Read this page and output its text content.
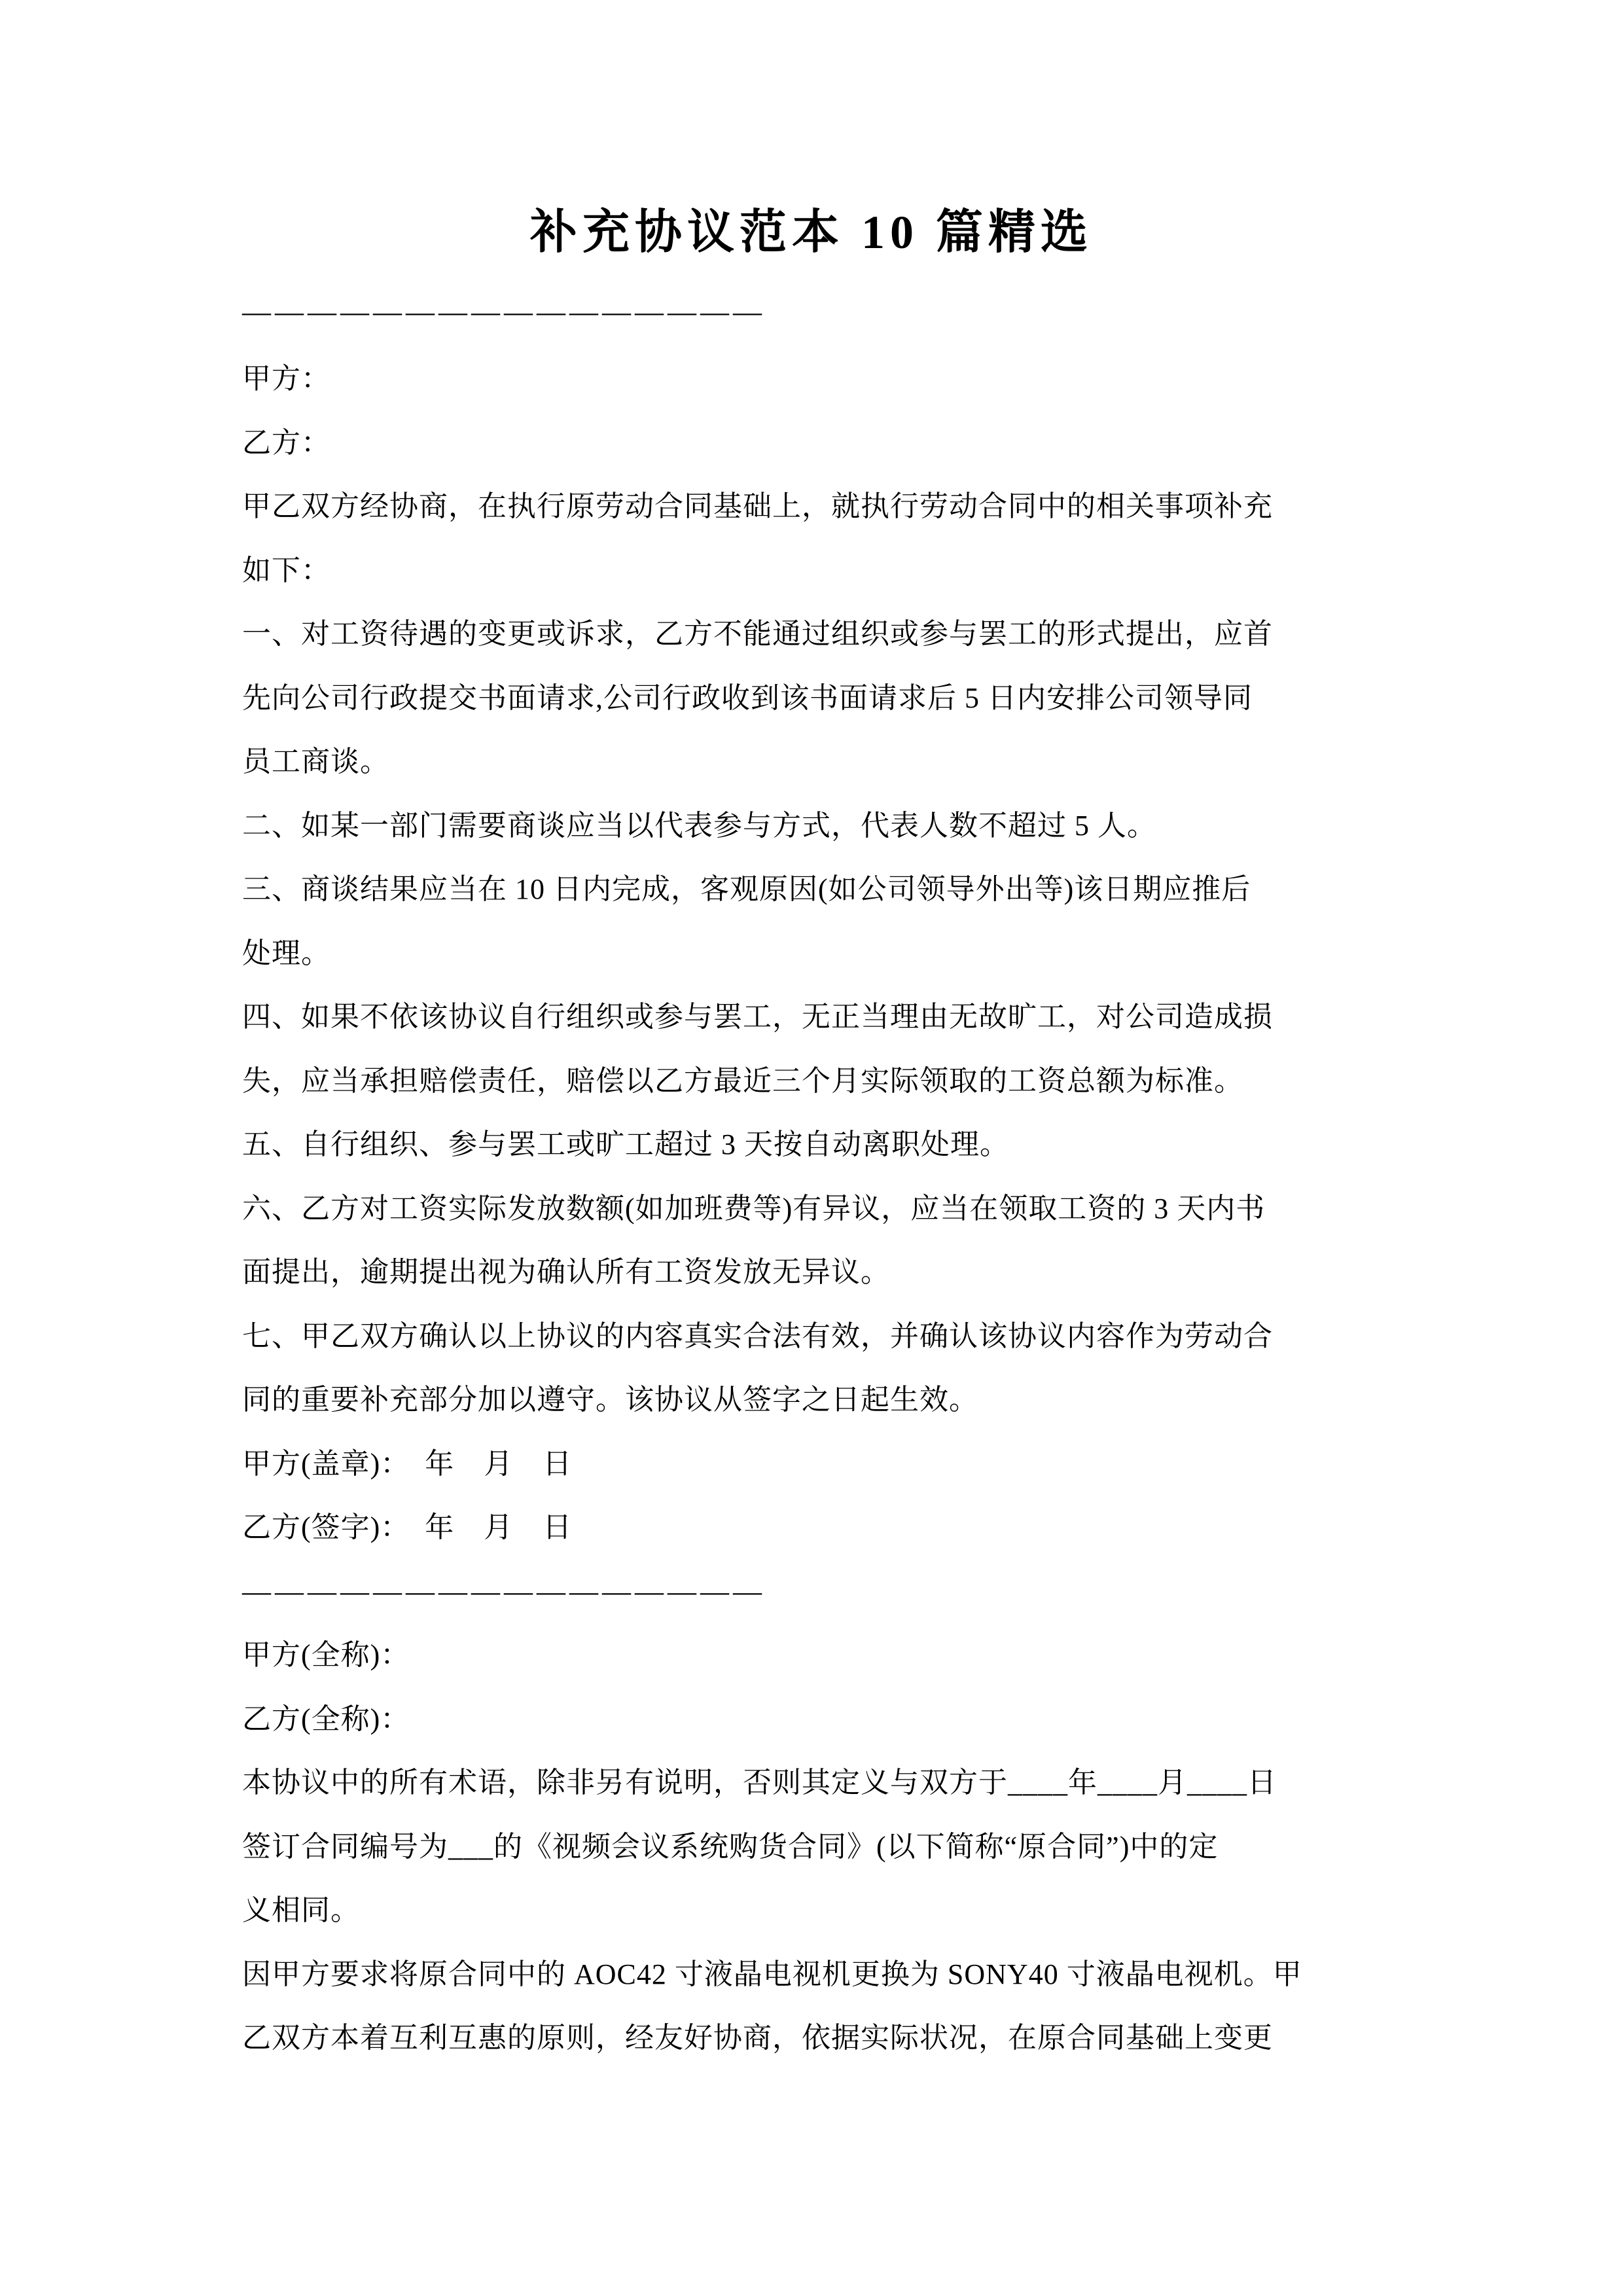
补充协议范本 10 篇精选
————————————————
甲方：
乙方：
甲乙双方经协商，在执行原劳动合同基础上，就执行劳动合同中的相关事项补充
如下：
一、对工资待遇的变更或诉求，乙方不能通过组织或参与罢工的形式提出，应首
先向公司行政提交书面请求,公司行政收到该书面请求后 5 日内安排公司领导同
员工商谈。
二、如某一部门需要商谈应当以代表参与方式，代表人数不超过 5 人。
三、商谈结果应当在 10 日内完成，客观原因(如公司领导外出等)该日期应推后
处理。
四、如果不依该协议自行组织或参与罢工，无正当理由无故旷工，对公司造成损
失，应当承担赔偿责任，赔偿以乙方最近三个月实际领取的工资总额为标准。
五、自行组织、参与罢工或旷工超过 3 天按自动离职处理。
六、乙方对工资实际发放数额(如加班费等)有异议，应当在领取工资的 3 天内书
面提出，逾期提出视为确认所有工资发放无异议。
七、甲乙双方确认以上协议的内容真实合法有效，并确认该协议内容作为劳动合
同的重要补充部分加以遵守。该协议从签字之日起生效。
甲方(盖章)：　年　月　日
乙方(签字)：　年　月　日
————————————————
甲方(全称)：
乙方(全称)：
本协议中的所有术语，除非另有说明，否则其定义与双方于____年____月____日
签订合同编号为___的《视频会议系统购货合同》(以下简称“原合同”)中的定
义相同。
因甲方要求将原合同中的 AOC42 寸液晶电视机更换为 SONY40 寸液晶电视机。甲
乙双方本着互利互惠的原则，经友好协商，依据实际状况，在原合同基础上变更
